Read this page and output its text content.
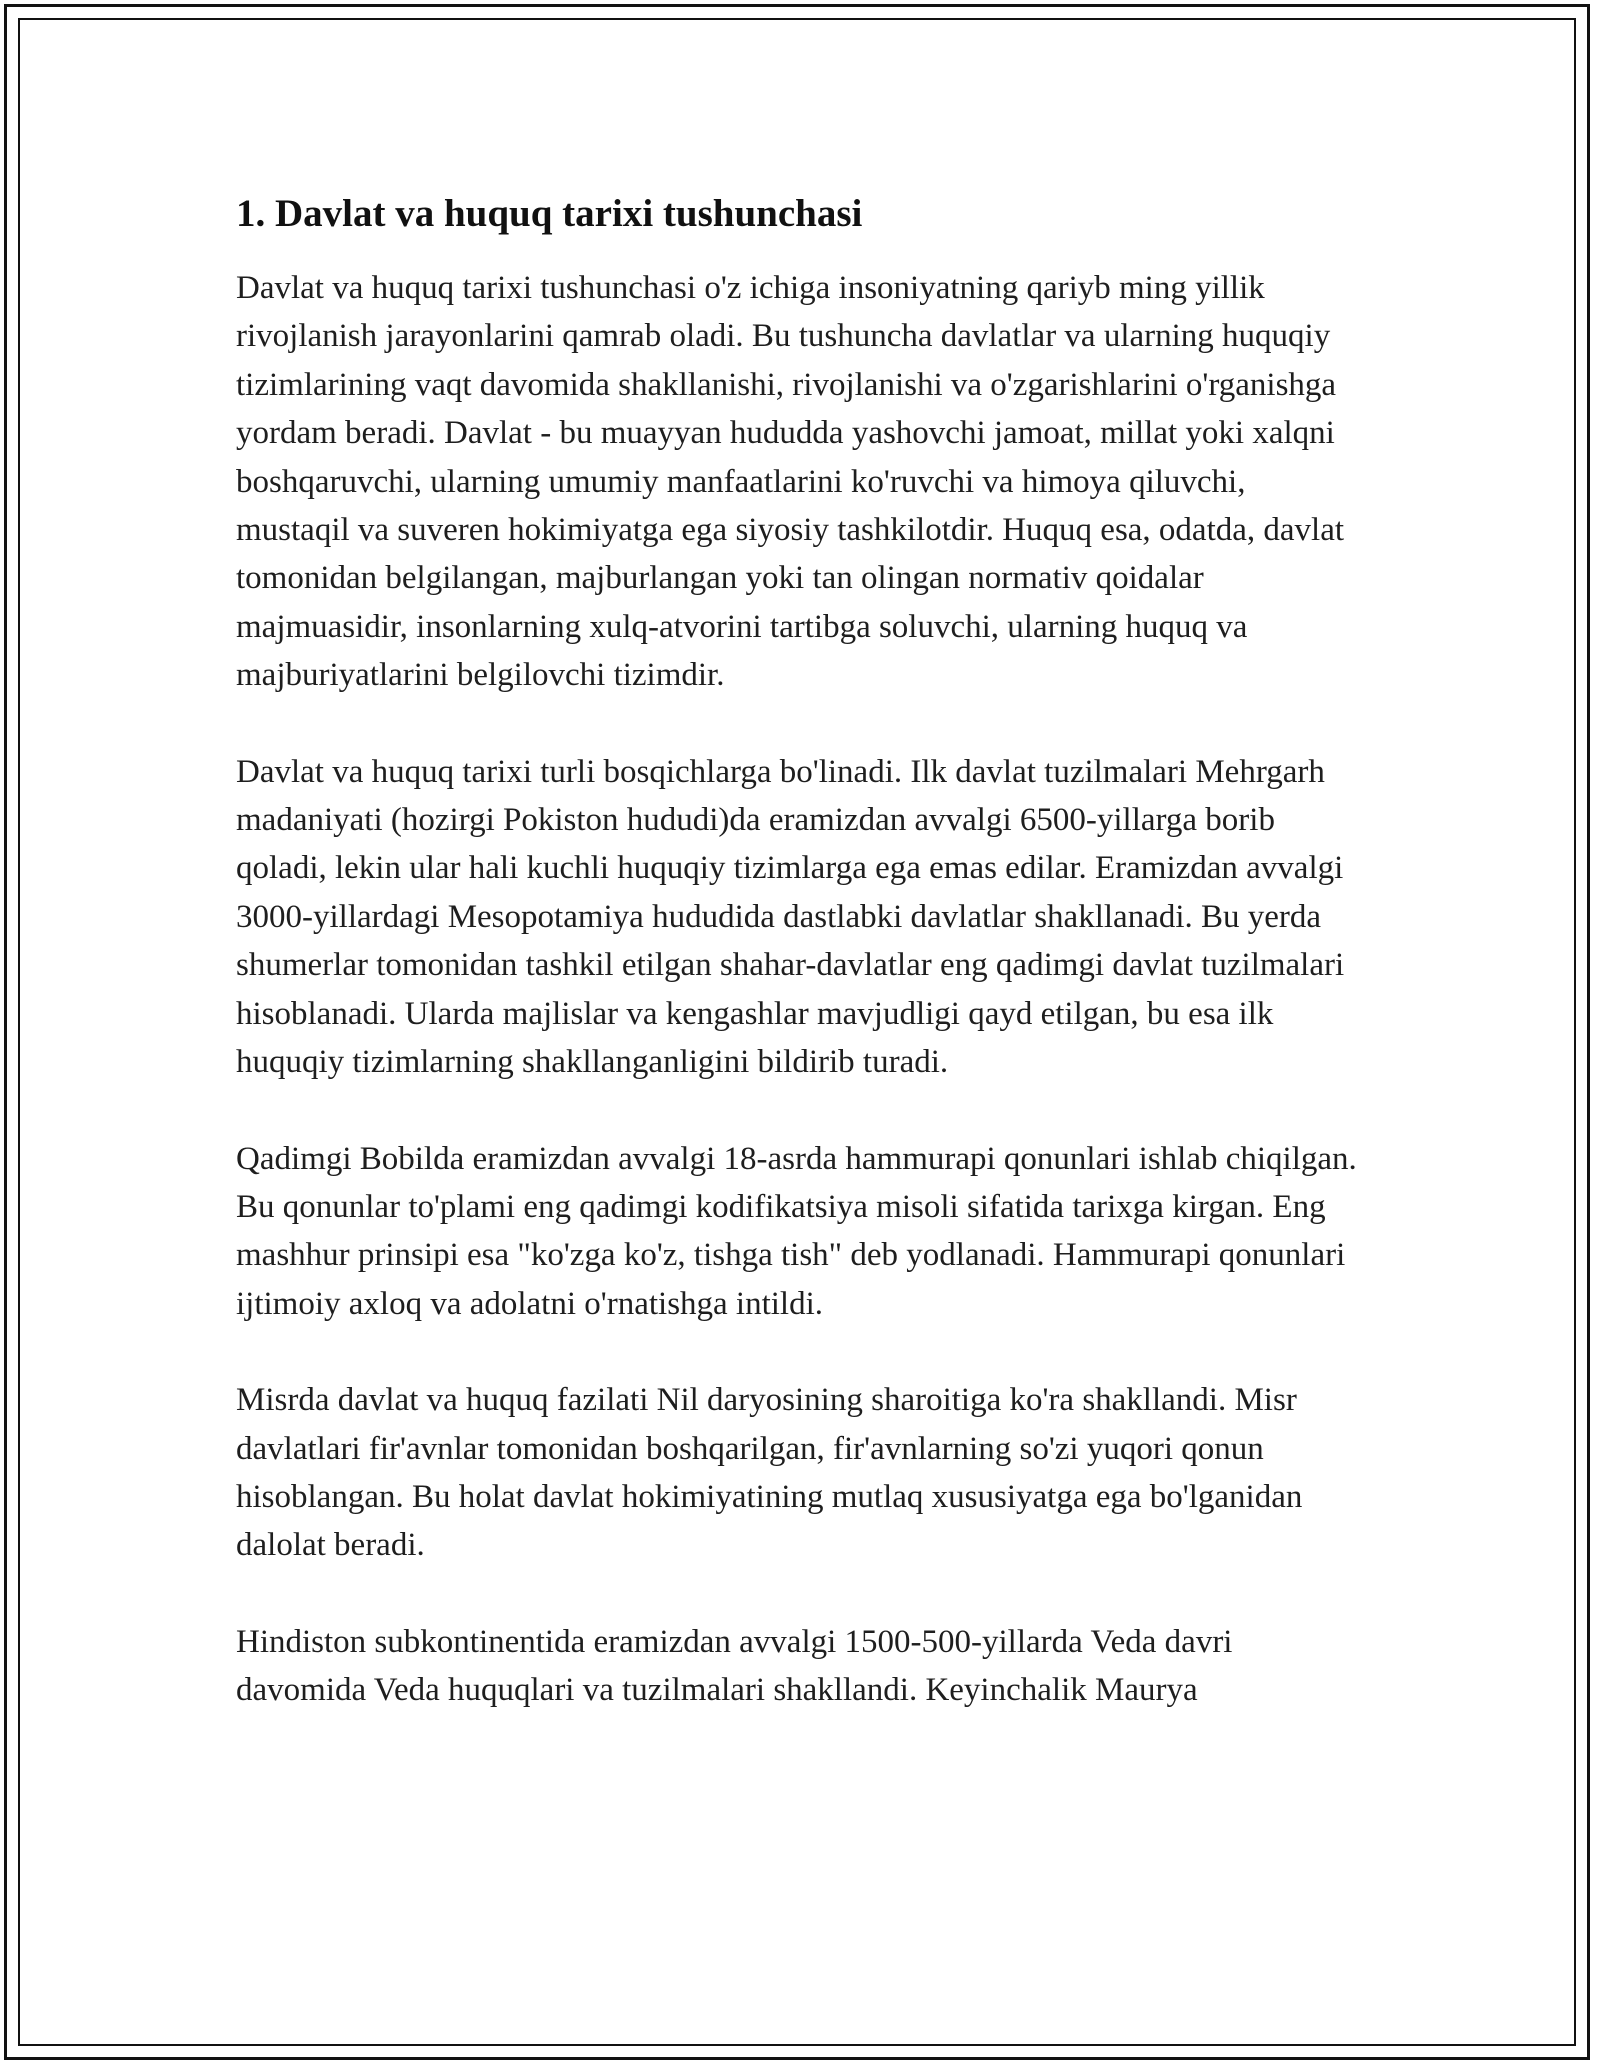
1. Davlat va huquq tarixi tushunchasi

Davlat va huquq tarixi tushunchasi o'z ichiga insoniyatning qariyb ming yillik rivojlanish jarayonlarini qamrab oladi. Bu tushuncha davlatlar va ularning huquqiy tizimlarining vaqt davomida shakllanishi, rivojlanishi va o'zgarishlarini o'rganishga yordam beradi. Davlat - bu muayyan hududda yashovchi jamoat, millat yoki xalqni boshqaruvchi, ularning umumiy manfaatlarini ko'ruvchi va himoya qiluvchi, mustaqil va suveren hokimiyatga ega siyosiy tashkilotdir. Huquq esa, odatda, davlat tomonidan belgilangan, majburlangan yoki tan olingan normativ qoidalar majmuasidir, insonlarning xulq-atvorini tartibga soluvchi, ularning huquq va majburiyatlarini belgilovchi tizimdir.

Davlat va huquq tarixi turli bosqichlarga bo'linadi. Ilk davlat tuzilmalari Mehrgarh madaniyati (hozirgi Pokiston hududi)da eramizdan avvalgi 6500-yillarga borib qoladi, lekin ular hali kuchli huquqiy tizimlarga ega emas edilar. Eramizdan avvalgi 3000-yillardagi Mesopotamiya hududida dastlabki davlatlar shakllanadi. Bu yerda shumerlar tomonidan tashkil etilgan shahar-davlatlar eng qadimgi davlat tuzilmalari hisoblanadi. Ularda majlislar va kengashlar mavjudligi qayd etilgan, bu esa ilk huquqiy tizimlarning shakllanganligini bildirib turadi.

Qadimgi Bobilda eramizdan avvalgi 18-asrda hammurapi qonunlari ishlab chiqilgan. Bu qonunlar to'plami eng qadimgi kodifikatsiya misoli sifatida tarixga kirgan. Eng mashhur prinsipi esa "ko'zga ko'z, tishga tish" deb yodlanadi. Hammurapi qonunlari ijtimoiy axloq va adolatni o'rnatishga intildi.

Misrda davlat va huquq fazilati Nil daryosining sharoitiga ko'ra shakllandi. Misr davlatlari fir'avnlar tomonidan boshqarilgan, fir'avnlarning so'zi yuqori qonun hisoblangan. Bu holat davlat hokimiyatining mutlaq xususiyatga ega bo'lganidan dalolat beradi.

Hindiston subkontinentida eramizdan avvalgi 1500-500-yillarda Veda davri davomida Veda huquqlari va tuzilmalari shakllandi. Keyinchalik Maurya
